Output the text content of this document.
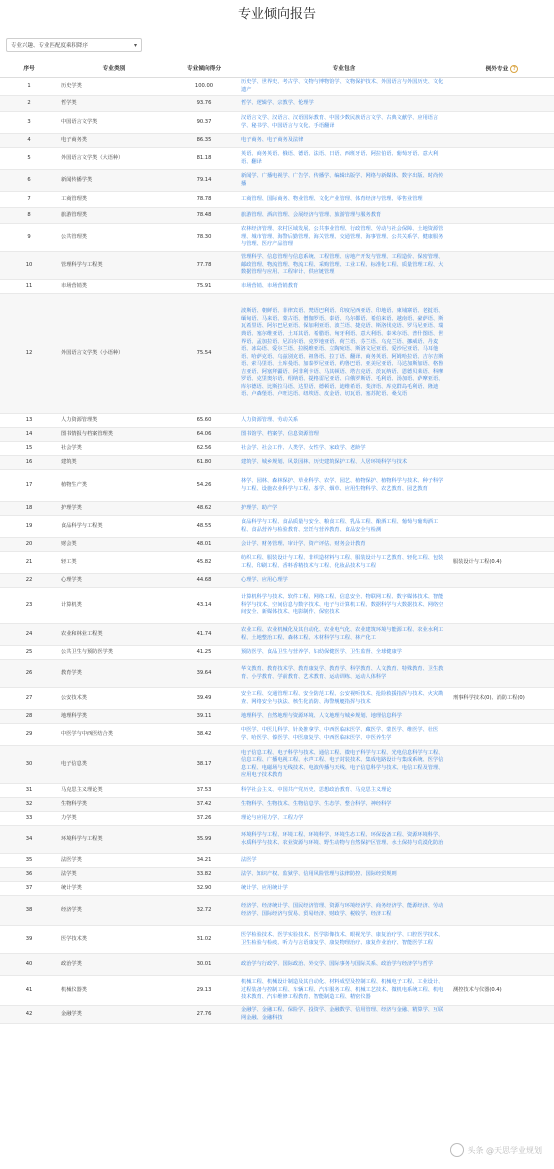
专业倾向报告
专业兴趣、专业匹配度乘积降序	▾
序号	专业类别	专业倾向得分	专业包含	例外专业 ?
1	历史学类	100.00	历史学、世界史、考古学、文物与博物馆学、文物保护技术、外国语言与外国历史、文化遗产	
2	哲学类	93.76	哲学、逻辑学、宗教学、伦理学	
3	中国语言文学类	90.37	汉语言文学、汉语言、汉语国际教育、中国少数民族语言文学、古典文献学、应用语言学、秘书学、中国语言与文化、手语翻译	
4	电子商务类	86.35	电子商务、电子商务及法律	
5	外国语言文学类（大语种）	81.18	英语、商务英语、俄语、德语、法语、日语、西班牙语、阿拉伯语、葡萄牙语、意大利语、翻译	
6	新闻传播学类	79.14	新闻学、广播电视学、广告学、传播学、编辑出版学、网络与新媒体、数字出版、时尚传播	
7	工商管理类	78.78	工商管理、国际商务、物业管理、文化产业管理、体育经济与管理、零售业管理	
8	旅游管理类	78.48	旅游管理、酒店管理、会展经济与管理、旅游管理与服务教育	
9	公共管理类	78.30	农林经济管理、农村区域发展、公共事业管理、行政管理、劳动与社会保障、土地资源管理、城市管理、海警后勤管理、海关管理、交通管理、海事管理、公共关系学、健康服务与管理、医疗产品管理	
10	管理科学与工程类	77.78	管理科学、信息管理与信息系统、工程管理、房地产开发与管理、工程造价、保密管理、邮政管理、物流管理、物流工程、采购管理、工业工程、标准化工程、质量管理工程、大数据管理与应用、工程审计、供应链管理	
11	市场营销类	75.91	市场营销、市场营销教育	
12	外国语言文学类（小语种）	75.54	波斯语、朝鲜语、菲律宾语、梵语巴利语、印度尼西亚语、印地语、柬埔寨语、老挝语、缅甸语、马来语、蒙古语、僧伽罗语、泰语、乌尔都语、希伯来语、越南语、豪萨语、斯瓦希里语、阿尔巴尼亚语、保加利亚语、波兰语、捷克语、斯洛伐克语、罗马尼亚语、瑞典语、塞尔维亚语、土耳其语、希腊语、匈牙利语、意大利语、泰米尔语、普什图语、世界语、孟加拉语、尼泊尔语、克罗地亚语、荷兰语、芬兰语、乌克兰语、挪威语、丹麦语、冰岛语、爱尔兰语、拉脱维亚语、立陶宛语、斯洛文尼亚语、爱沙尼亚语、马耳他语、哈萨克语、乌兹别克语、祖鲁语、拉丁语、翻译、商务英语、阿姆哈拉语、吉尔吉斯语、索马里语、土库曼语、加泰罗尼亚语、约鲁巴语、亚美尼亚语、马达加斯加语、格鲁吉亚语、阿塞拜疆语、阿非利卡语、马其顿语、塔吉克语、茨瓦纳语、恩德贝莱语、科摩罗语、克里奥尔语、绍纳语、提格雷尼亚语、白俄罗斯语、毛利语、汤加语、萨摩亚语、库尔德语、比斯拉马语、达里语、德顿语、迪维希语、斐济语、库克群岛毛利语、隆迪语、卢森堡语、卢旺达语、纽埃语、皮金语、切瓦语、塞苏陀语、桑戈语	
13	人力资源管理类	65.60	人力资源管理、劳动关系	
14	图书情报与档案管理类	64.06	图书馆学、档案学、信息资源管理	
15	社会学类	62.56	社会学、社会工作、人类学、女性学、家政学、老龄学	
16	建筑类	61.80	建筑学、城乡规划、风景园林、历史建筑保护工程、人居环境科学与技术	
17	植物生产类	54.26	林学、园林、森林保护、草业科学、农学、园艺、植物保护、植物科学与技术、种子科学与工程、设施农业科学与工程、茶学、烟草、应用生物科学、农艺教育、园艺教育	
18	护理学类	48.62	护理学、助产学	
19	食品科学与工程类	48.55	食品科学与工程、食品质量与安全、粮食工程、乳品工程、酿酒工程、葡萄与葡萄酒工程、食品营养与检验教育、烹饪与营养教育、食品安全与检测	
20	财会类	48.01	会计学、财务管理、审计学、资产评估、财务会计教育	
21	轻工类	45.82	纺织工程、服装设计与工程、非织造材料与工程、服装设计与工艺教育、轻化工程、包装工程、印刷工程、香料香精技术与工程、化妆品技术与工程	服装设计与工程(0.4)
22	心理学类	44.68	心理学、应用心理学	
23	计算机类	43.14	计算机科学与技术、软件工程、网络工程、信息安全、物联网工程、数字媒体技术、智能科学与技术、空间信息与数字技术、电子与计算机工程、数据科学与大数据技术、网络空间安全、新媒体技术、电影制作、保密技术	
24	农业和林业工程类	41.74	农业工程、农业机械化及其自动化、农业电气化、农业建筑环境与能源工程、农业水利工程、土地整治工程、森林工程、木材科学与工程、林产化工	
25	公共卫生与预防医学类	41.25	预防医学、食品卫生与营养学、妇幼保健医学、卫生监督、全球健康学	
26	教育学类	39.64	华文教育、教育技术学、教育康复学、教育学、科学教育、人文教育、特殊教育、卫生教育、小学教育、学前教育、艺术教育、运动训练、运动人体科学	
27	公安技术类	39.49	安全工程、交通管理工程、安全防范工程、公安视听技术、抢险救援指挥与技术、火灾勘查、网络安全与执法、核生化消防、海警舰艇指挥与技术	刑事科学技术(0)、消防工程(0)
28	地理科学类	39.11	地理科学、自然地理与资源环境、人文地理与城乡规划、地理信息科学	
29	中医学与中西医结合类	38.42	中医学、中医儿科学、针灸推拿学、中西医临床医学、藏医学、蒙医学、维医学、壮医学、哈医学、傣医学、中医康复学、中西医临床医学、中医养生学	
30	电子信息类	38.17	电子信息工程、电子科学与技术、通信工程、微电子科学与工程、光电信息科学与工程、信息工程、广播电视工程、水声工程、电子封装技术、集成电路设计与集成系统、医学信息工程、电磁场与无线技术、电波传播与天线、电子信息科学与技术、电信工程及管理、应用电子技术教育	
31	马克思主义理论类	37.53	科学社会主义、中国共产党历史、思想政治教育、马克思主义理论	
32	生物科学类	37.42	生物科学、生物技术、生物信息学、生态学、整合科学、神经科学	
33	力学类	37.26	理论与应用力学、工程力学	
34	环境科学与工程类	35.99	环境科学与工程、环境工程、环境科学、环境生态工程、环保设备工程、资源环境科学、水质科学与技术、农业资源与环境、野生动物与自然保护区管理、水土保持与荒漠化防治	
35	法医学类	34.21	法医学	
36	法学类	33.82	法学、知识产权、监狱学、信用风险管理与法律防控、国际经贸规则	
37	统计学类	32.90	统计学、应用统计学	
38	经济学类	32.72	经济学、经济统计学、国民经济管理、资源与环境经济学、商务经济学、能源经济、劳动经济学、国际经济与贸易、贸易经济、财政学、税收学、经济工程	
39	医学技术类	31.02	医学检验技术、医学实验技术、医学影像技术、眼视光学、康复治疗学、口腔医学技术、卫生检验与检疫、听力与言语康复学、康复物理治疗、康复作业治疗、智能医学工程	
40	政治学类	30.01	政治学与行政学、国际政治、外交学、国际事务与国际关系、政治学与经济学与哲学	
41	机械仪器类	29.13	机械工程、机械设计制造及其自动化、材料成型及控制工程、机械电子工程、工业设计、过程装备与控制工程、车辆工程、汽车服务工程、机械工艺技术、微机电系统工程、机电技术教育、汽车维修工程教育、智能制造工程、精密仪器	测控技术与仪器(0.4)
42	金融学类	27.76	金融学、金融工程、保险学、投资学、金融数学、信用管理、经济与金融、精算学、互联网金融、金融科技	
头条 @天思学业规划
